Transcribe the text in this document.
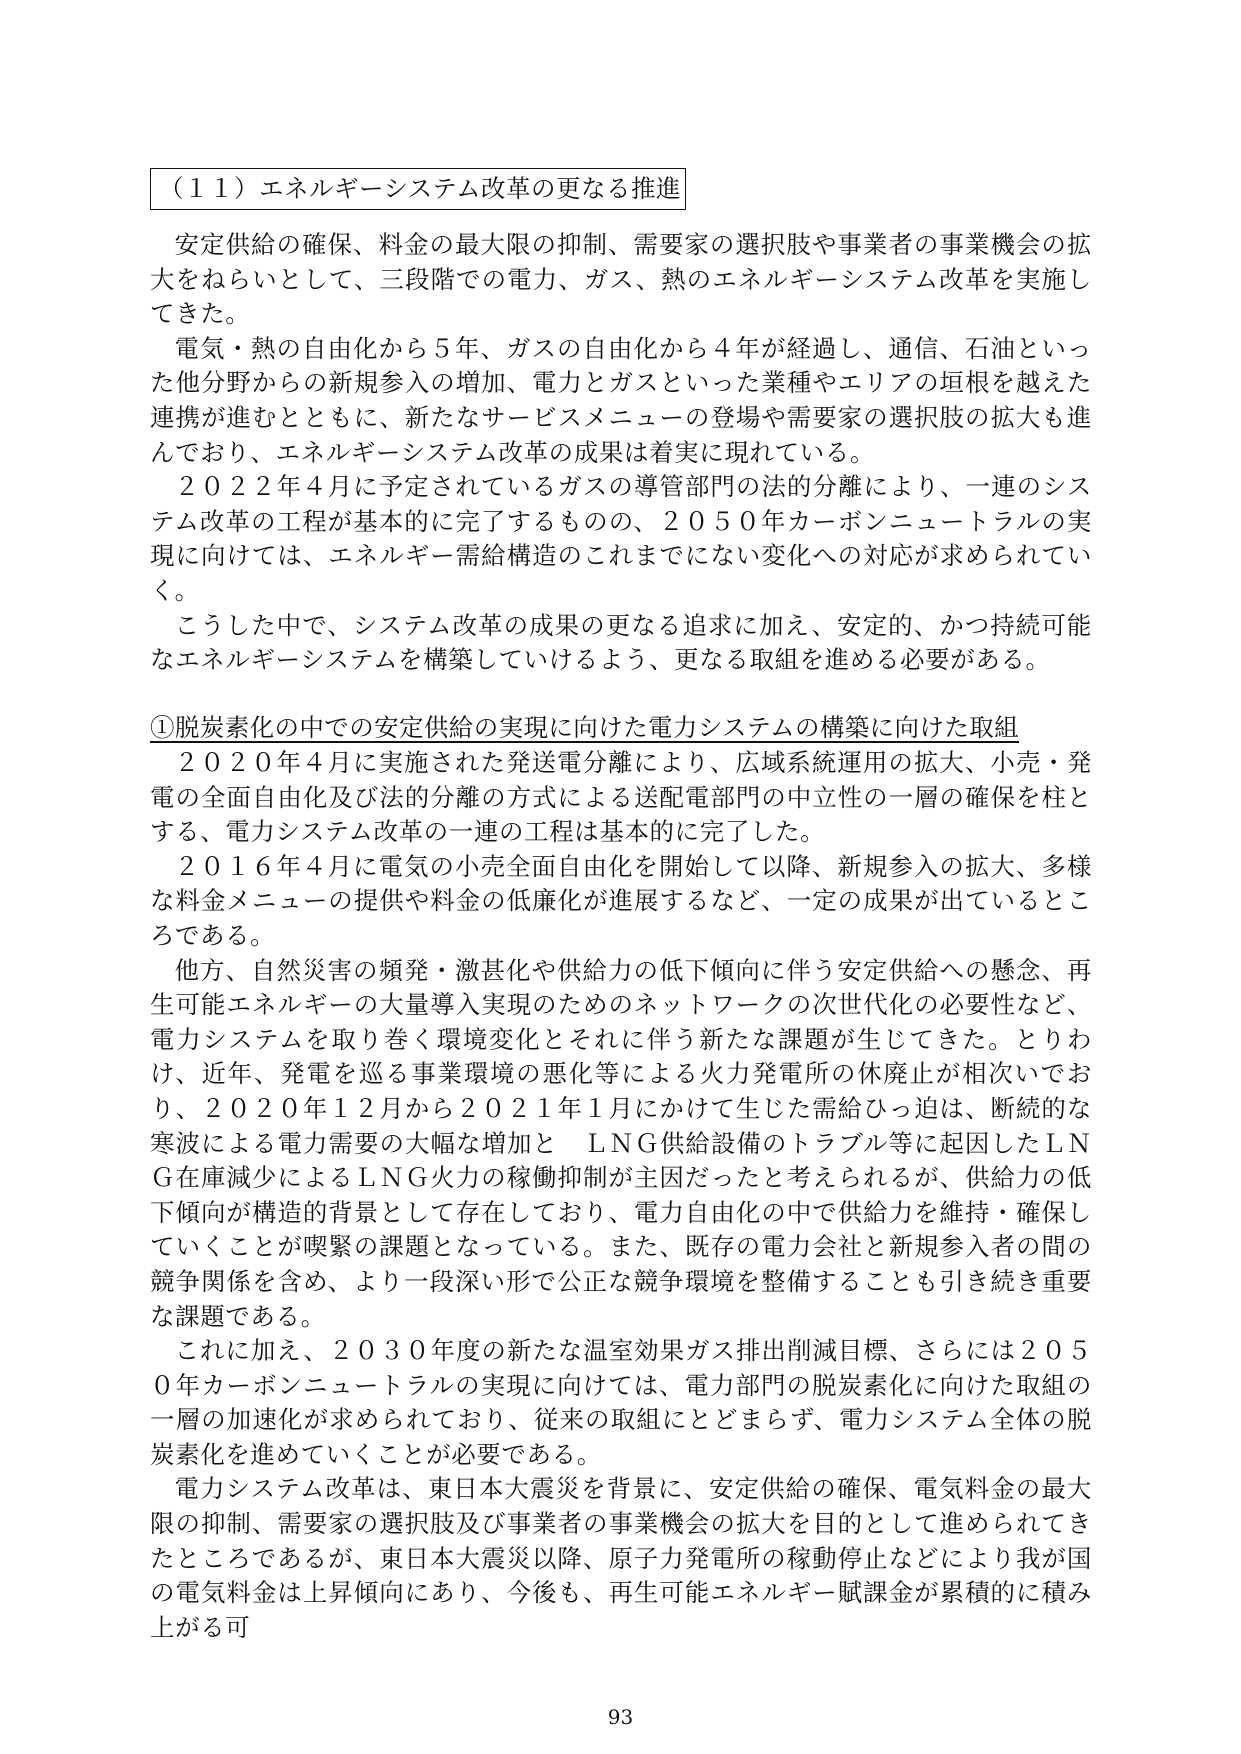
（１１）エネルギーシステム改革の更なる推進

安定供給の確保、料金の最大限の抑制、需要家の選択肢や事業者の事業機会の拡大をねらいとして、三段階での電力、ガス、熱のエネルギーシステム改革を実施してきた。

電気・熱の自由化から５年、ガスの自由化から４年が経過し、通信、石油といった他分野からの新規参入の増加、電力とガスといった業種やエリアの垣根を越えた連携が進むとともに、新たなサービスメニューの登場や需要家の選択肢の拡大も進んでおり、エネルギーシステム改革の成果は着実に現れている。

２０２２年４月に予定されているガスの導管部門の法的分離により、一連のシステム改革の工程が基本的に完了するものの、２０５０年カーボンニュートラルの実現に向けては、エネルギー需給構造のこれまでにない変化への対応が求められていく。

こうした中で、システム改革の成果の更なる追求に加え、安定的、かつ持続可能なエネルギーシステムを構築していけるよう、更なる取組を進める必要がある。

①脱炭素化の中での安定供給の実現に向けた電力システムの構築に向けた取組

２０２０年４月に実施された発送電分離により、広域系統運用の拡大、小売・発電の全面自由化及び法的分離の方式による送配電部門の中立性の一層の確保を柱とする、電力システム改革の一連の工程は基本的に完了した。

２０１６年４月に電気の小売全面自由化を開始して以降、新規参入の拡大、多様な料金メニューの提供や料金の低廉化が進展するなど、一定の成果が出ているところである。

他方、自然災害の頻発・激甚化や供給力の低下傾向に伴う安定供給への懸念、再生可能エネルギーの大量導入実現のためのネットワークの次世代化の必要性など、電力システムを取り巻く環境変化とそれに伴う新たな課題が生じてきた。とりわけ、近年、発電を巡る事業環境の悪化等による火力発電所の休廃止が相次いでおり、２０２０年１２月から２０２１年１月にかけて生じた需給ひっ迫は、断続的な寒波による電力需要の大幅な増加と　ＬＮＧ供給設備のトラブル等に起因したＬＮＧ在庫減少によるＬＮＧ火力の稼働抑制が主因だったと考えられるが、供給力の低下傾向が構造的背景として存在しており、電力自由化の中で供給力を維持・確保していくことが喫緊の課題となっている。また、既存の電力会社と新規参入者の間の競争関係を含め、より一段深い形で公正な競争環境を整備することも引き続き重要な課題である。

これに加え、２０３０年度の新たな温室効果ガス排出削減目標、さらには２０５０年カーボンニュートラルの実現に向けては、電力部門の脱炭素化に向けた取組の一層の加速化が求められており、従来の取組にとどまらず、電力システム全体の脱炭素化を進めていくことが必要である。

電力システム改革は、東日本大震災を背景に、安定供給の確保、電気料金の最大限の抑制、需要家の選択肢及び事業者の事業機会の拡大を目的として進められてきたところであるが、東日本大震災以降、原子力発電所の稼動停止などにより我が国の電気料金は上昇傾向にあり、今後も、再生可能エネルギー賦課金が累積的に積み上がる可

93
